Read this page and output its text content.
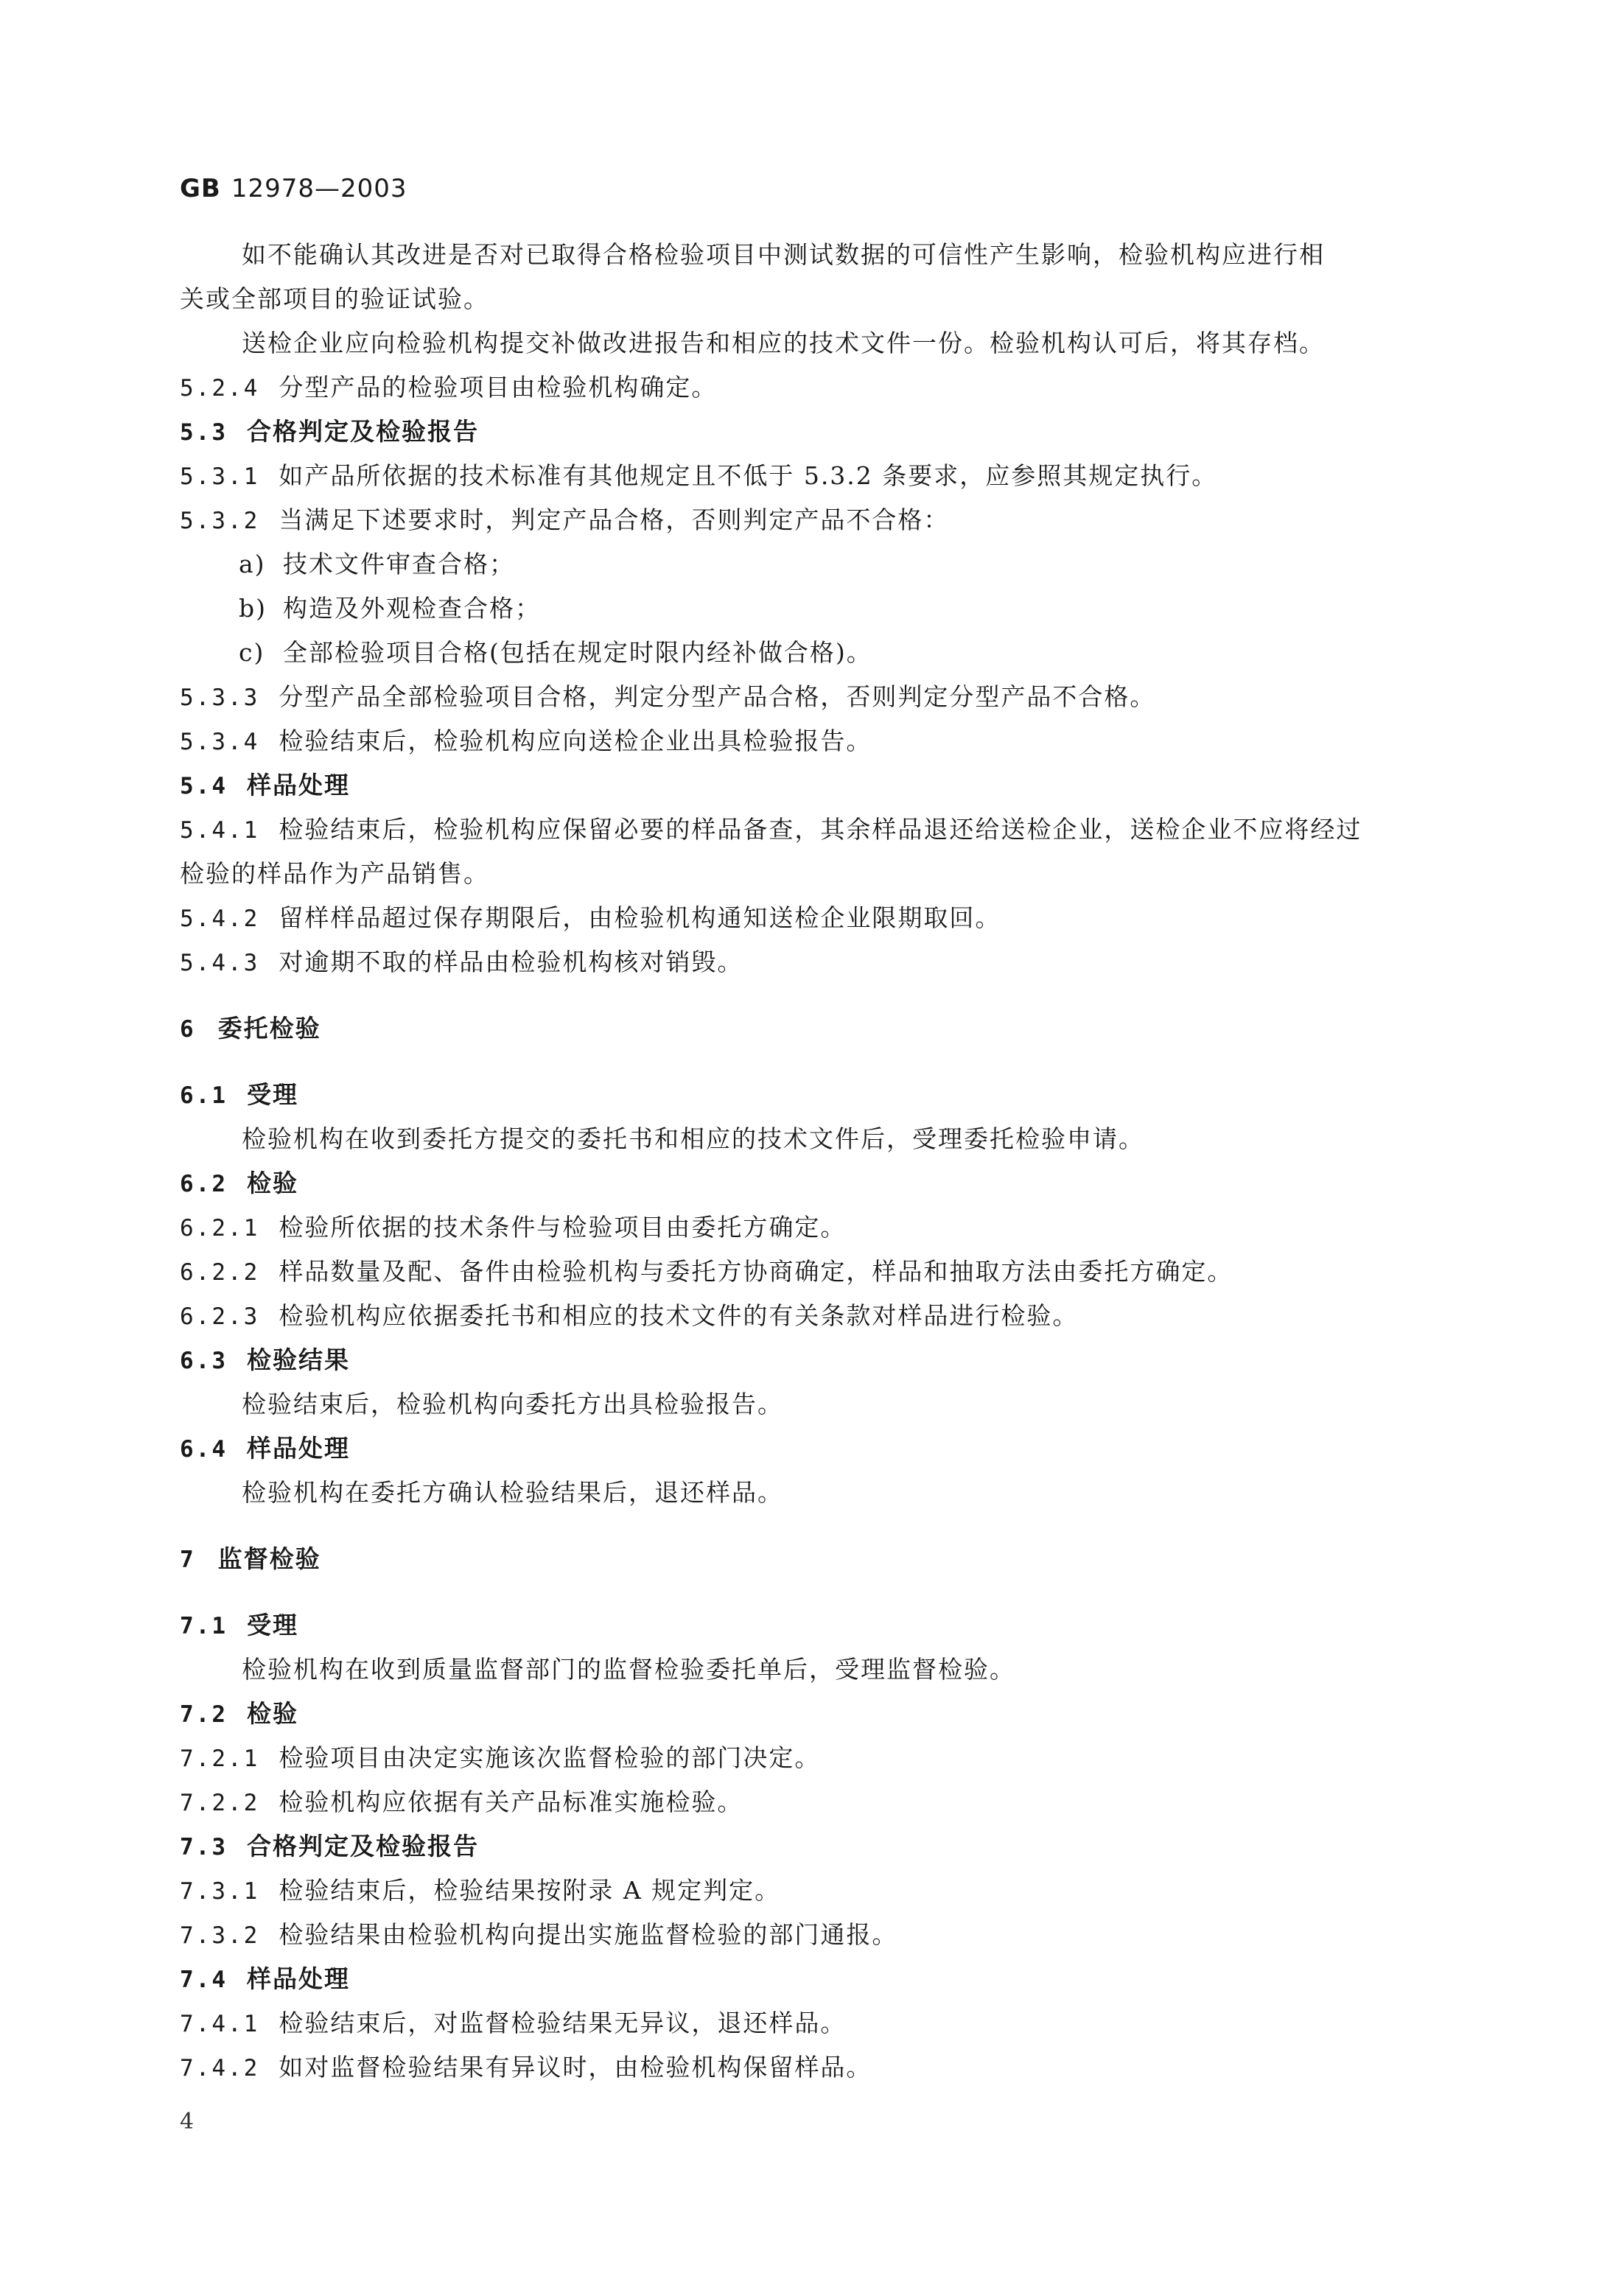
GB 12978—2003
如不能确认其改进是否对已取得合格检验项目中测试数据的可信性产生影响，检验机构应进行相
关或全部项目的验证试验。
送检企业应向检验机构提交补做改进报告和相应的技术文件一份。检验机构认可后，将其存档。
5.2.4 分型产品的检验项目由检验机构确定。
5.3 合格判定及检验报告
5.3.1 如产品所依据的技术标准有其他规定且不低于 5.3.2 条要求，应参照其规定执行。
5.3.2 当满足下述要求时，判定产品合格，否则判定产品不合格：
a) 技术文件审查合格；
b) 构造及外观检查合格；
c) 全部检验项目合格(包括在规定时限内经补做合格)。
5.3.3 分型产品全部检验项目合格，判定分型产品合格，否则判定分型产品不合格。
5.3.4 检验结束后，检验机构应向送检企业出具检验报告。
5.4 样品处理
5.4.1 检验结束后，检验机构应保留必要的样品备查，其余样品退还给送检企业，送检企业不应将经过
检验的样品作为产品销售。
5.4.2 留样样品超过保存期限后，由检验机构通知送检企业限期取回。
5.4.3 对逾期不取的样品由检验机构核对销毁。
6 委托检验
6.1 受理
检验机构在收到委托方提交的委托书和相应的技术文件后，受理委托检验申请。
6.2 检验
6.2.1 检验所依据的技术条件与检验项目由委托方确定。
6.2.2 样品数量及配、备件由检验机构与委托方协商确定，样品和抽取方法由委托方确定。
6.2.3 检验机构应依据委托书和相应的技术文件的有关条款对样品进行检验。
6.3 检验结果
检验结束后，检验机构向委托方出具检验报告。
6.4 样品处理
检验机构在委托方确认检验结果后，退还样品。
7 监督检验
7.1 受理
检验机构在收到质量监督部门的监督检验委托单后，受理监督检验。
7.2 检验
7.2.1 检验项目由决定实施该次监督检验的部门决定。
7.2.2 检验机构应依据有关产品标准实施检验。
7.3 合格判定及检验报告
7.3.1 检验结束后，检验结果按附录 A 规定判定。
7.3.2 检验结果由检验机构向提出实施监督检验的部门通报。
7.4 样品处理
7.4.1 检验结束后，对监督检验结果无异议，退还样品。
7.4.2 如对监督检验结果有异议时，由检验机构保留样品。
4
